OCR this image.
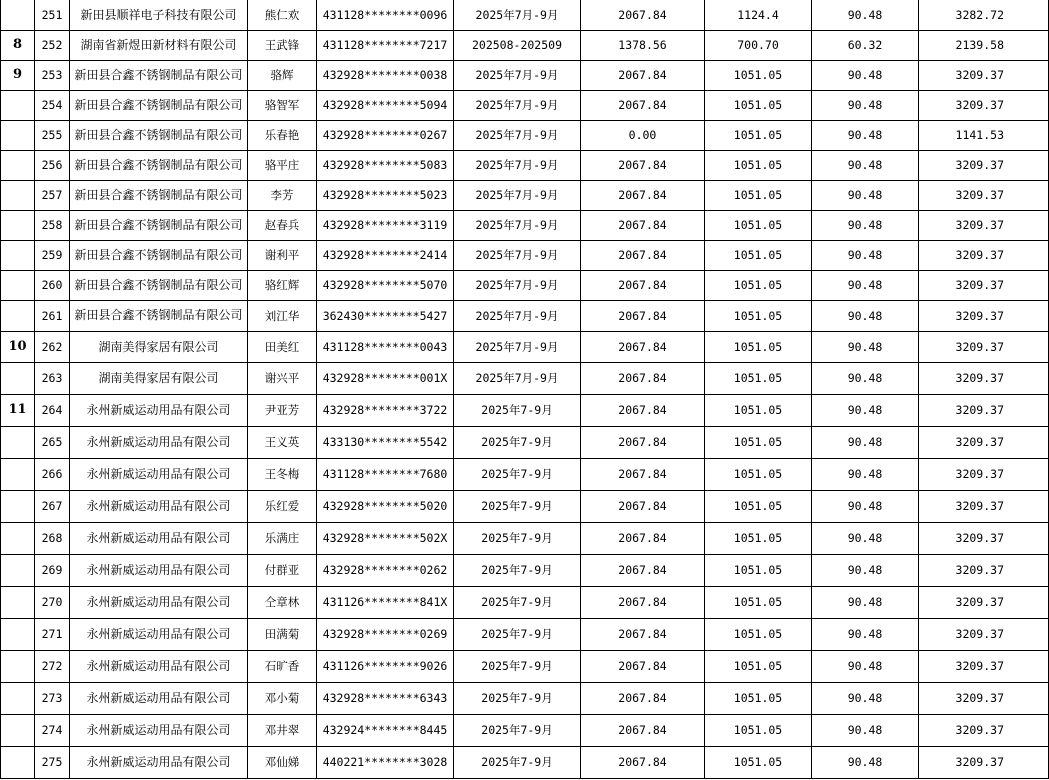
	251	新田县顺祥电子科技有限公司	熊仁欢	431128********0096	2025年7月-9月	2067.84	1124.4	90.48	3282.72
8	252	湖南省新煜田新材料有限公司	王武锋	431128********7217	202508-202509	1378.56	700.70	60.32	2139.58
9	253	新田县合鑫不锈钢制品有限公司	骆辉	432928********0038	2025年7月-9月	2067.84	1051.05	90.48	3209.37
	254	新田县合鑫不锈钢制品有限公司	骆智军	432928********5094	2025年7月-9月	2067.84	1051.05	90.48	3209.37
	255	新田县合鑫不锈钢制品有限公司	乐春艳	432928********0267	2025年7月-9月	0.00	1051.05	90.48	1141.53
	256	新田县合鑫不锈钢制品有限公司	骆平庄	432928********5083	2025年7月-9月	2067.84	1051.05	90.48	3209.37
	257	新田县合鑫不锈钢制品有限公司	李芳	432928********5023	2025年7月-9月	2067.84	1051.05	90.48	3209.37
	258	新田县合鑫不锈钢制品有限公司	赵春兵	432928********3119	2025年7月-9月	2067.84	1051.05	90.48	3209.37
	259	新田县合鑫不锈钢制品有限公司	谢利平	432928********2414	2025年7月-9月	2067.84	1051.05	90.48	3209.37
	260	新田县合鑫不锈钢制品有限公司	骆红辉	432928********5070	2025年7月-9月	2067.84	1051.05	90.48	3209.37
	261	新田县合鑫不锈钢制品有限公司	刘江华	362430********5427	2025年7月-9月	2067.84	1051.05	90.48	3209.37
10	262	湖南美得家居有限公司	田美红	431128********0043	2025年7月-9月	2067.84	1051.05	90.48	3209.37
	263	湖南美得家居有限公司	谢兴平	432928********001X	2025年7月-9月	2067.84	1051.05	90.48	3209.37
11	264	永州新威运动用品有限公司	尹亚芳	432928********3722	2025年7-9月	2067.84	1051.05	90.48	3209.37
	265	永州新威运动用品有限公司	王义英	433130********5542	2025年7-9月	2067.84	1051.05	90.48	3209.37
	266	永州新威运动用品有限公司	王冬梅	431128********7680	2025年7-9月	2067.84	1051.05	90.48	3209.37
	267	永州新威运动用品有限公司	乐红爱	432928********5020	2025年7-9月	2067.84	1051.05	90.48	3209.37
	268	永州新威运动用品有限公司	乐满庄	432928********502X	2025年7-9月	2067.84	1051.05	90.48	3209.37
	269	永州新威运动用品有限公司	付群亚	432928********0262	2025年7-9月	2067.84	1051.05	90.48	3209.37
	270	永州新威运动用品有限公司	仝章林	431126********841X	2025年7-9月	2067.84	1051.05	90.48	3209.37
	271	永州新威运动用品有限公司	田满菊	432928********0269	2025年7-9月	2067.84	1051.05	90.48	3209.37
	272	永州新威运动用品有限公司	石旷香	431126********9026	2025年7-9月	2067.84	1051.05	90.48	3209.37
	273	永州新威运动用品有限公司	邓小菊	432928********6343	2025年7-9月	2067.84	1051.05	90.48	3209.37
	274	永州新威运动用品有限公司	邓井翠	432924********8445	2025年7-9月	2067.84	1051.05	90.48	3209.37
	275	永州新威运动用品有限公司	邓仙娣	440221********3028	2025年7-9月	2067.84	1051.05	90.48	3209.37
